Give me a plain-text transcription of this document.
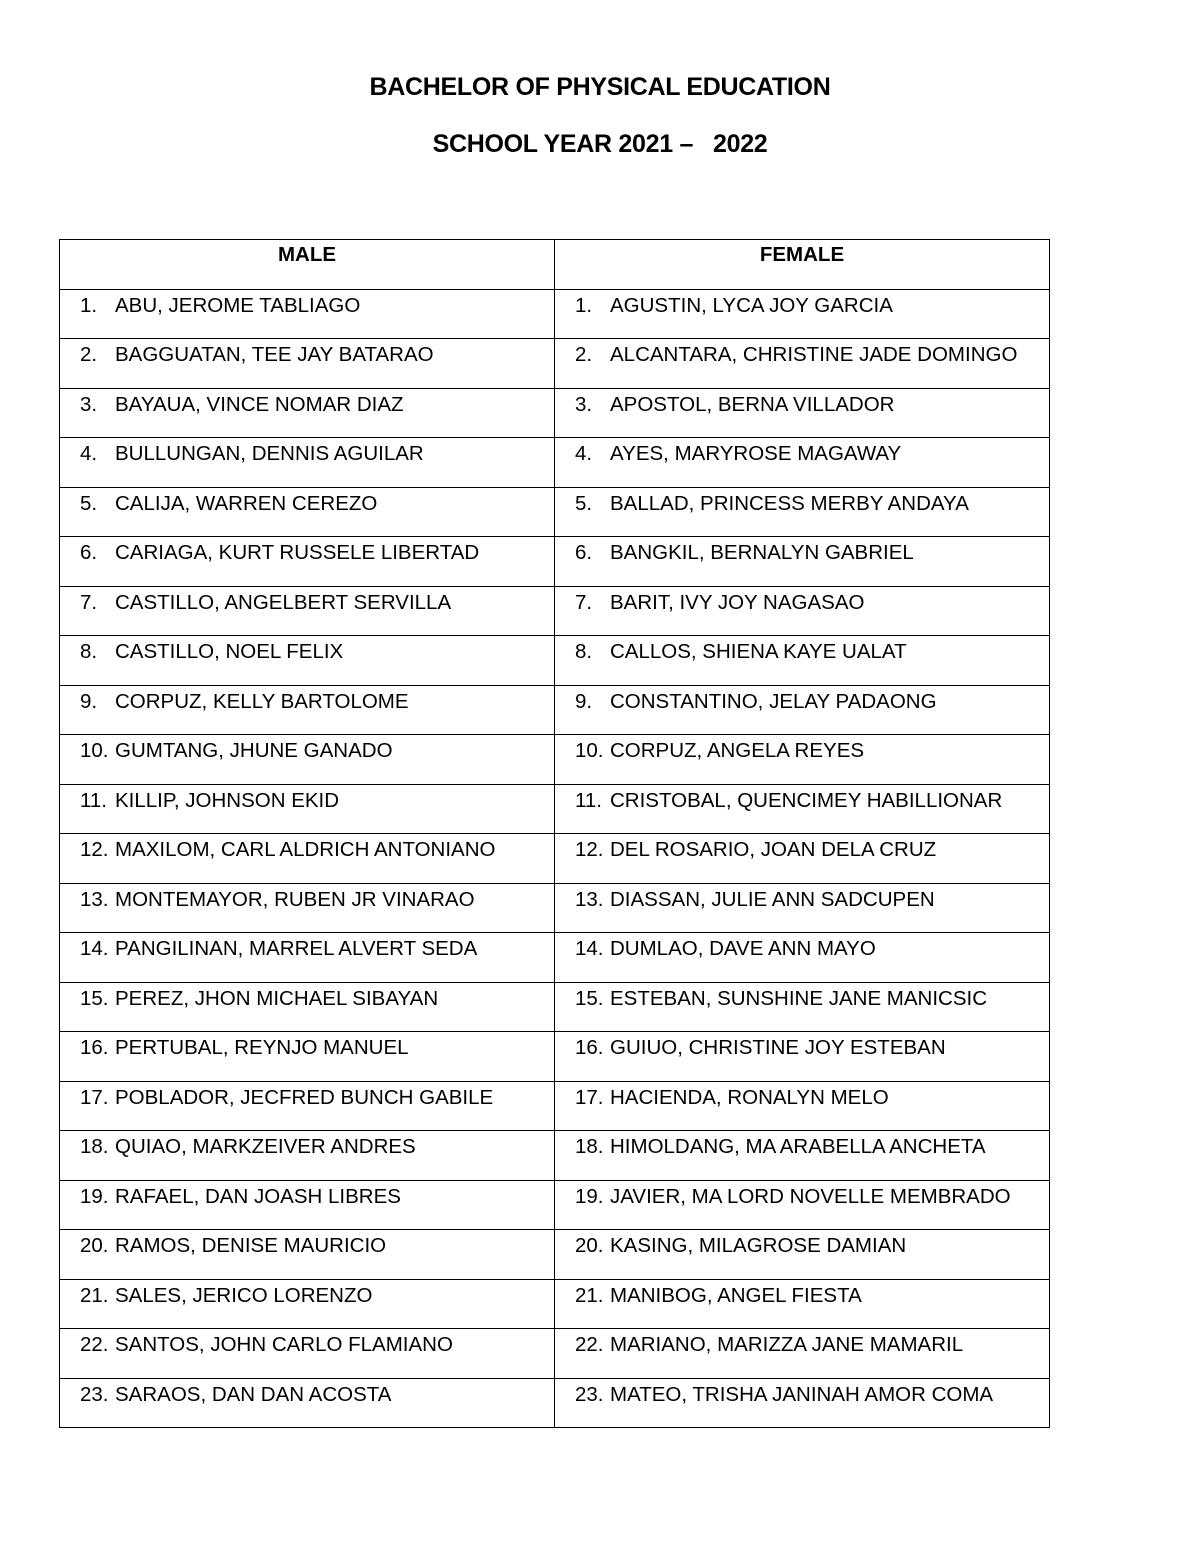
BACHELOR OF PHYSICAL EDUCATION
SCHOOL YEAR 2021 –   2022
MALE	FEMALE
1. ABU, JEROME TABLIAGO	1. AGUSTIN, LYCA JOY GARCIA
2. BAGGUATAN, TEE JAY BATARAO	2. ALCANTARA, CHRISTINE JADE DOMINGO
3. BAYAUA, VINCE NOMAR DIAZ	3. APOSTOL, BERNA VILLADOR
4. BULLUNGAN, DENNIS AGUILAR	4. AYES, MARYROSE MAGAWAY
5. CALIJA, WARREN CEREZO	5. BALLAD, PRINCESS MERBY ANDAYA
6. CARIAGA, KURT RUSSELE LIBERTAD	6. BANGKIL, BERNALYN GABRIEL
7. CASTILLO, ANGELBERT SERVILLA	7. BARIT, IVY JOY NAGASAO
8. CASTILLO, NOEL FELIX	8. CALLOS, SHIENA KAYE UALAT
9. CORPUZ, KELLY BARTOLOME	9. CONSTANTINO, JELAY PADAONG
10. GUMTANG, JHUNE GANADO	10. CORPUZ, ANGELA REYES
11. KILLIP, JOHNSON EKID	11. CRISTOBAL, QUENCIMEY HABILLIONAR
12. MAXILOM, CARL ALDRICH ANTONIANO	12. DEL ROSARIO, JOAN DELA CRUZ
13. MONTEMAYOR, RUBEN JR VINARAO	13. DIASSAN, JULIE ANN SADCUPEN
14. PANGILINAN, MARREL ALVERT SEDA	14. DUMLAO, DAVE ANN MAYO
15. PEREZ, JHON MICHAEL SIBAYAN	15. ESTEBAN, SUNSHINE JANE MANICSIC
16. PERTUBAL, REYNJO MANUEL	16. GUIUO, CHRISTINE JOY ESTEBAN
17. POBLADOR, JECFRED BUNCH GABILE	17. HACIENDA, RONALYN MELO
18. QUIAO, MARKZEIVER ANDRES	18. HIMOLDANG, MA ARABELLA ANCHETA
19. RAFAEL, DAN JOASH LIBRES	19. JAVIER, MA LORD NOVELLE MEMBRADO
20. RAMOS, DENISE MAURICIO	20. KASING, MILAGROSE DAMIAN
21. SALES, JERICO LORENZO	21. MANIBOG, ANGEL FIESTA
22. SANTOS, JOHN CARLO FLAMIANO	22. MARIANO, MARIZZA JANE MAMARIL
23. SARAOS, DAN DAN ACOSTA	23. MATEO, TRISHA JANINAH AMOR COMA
